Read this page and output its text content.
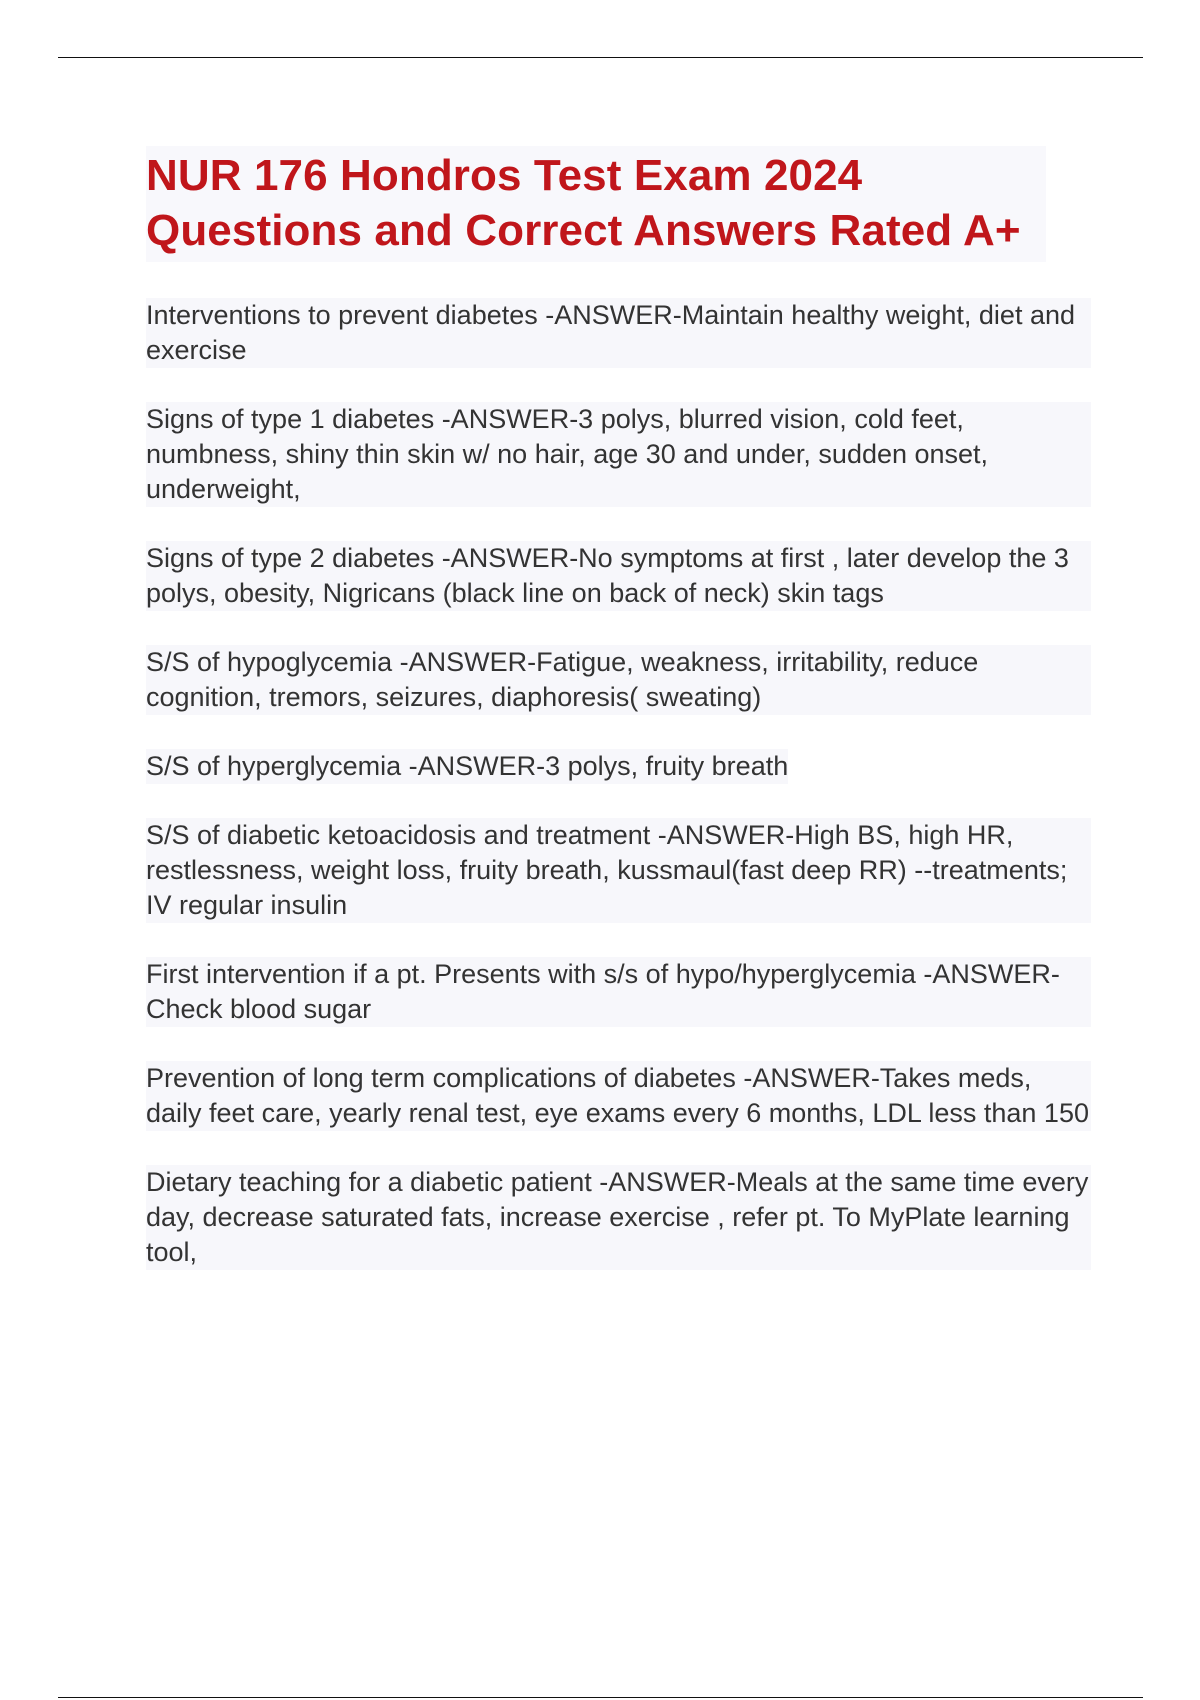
NUR 176 Hondros Test Exam 2024 Questions and Correct Answers Rated A+
Interventions to prevent diabetes -ANSWER-Maintain healthy weight, diet and exercise
Signs of type 1 diabetes -ANSWER-3 polys, blurred vision, cold feet, numbness, shiny thin skin w/ no hair, age 30 and under, sudden onset, underweight,
Signs of type 2 diabetes -ANSWER-No symptoms at first , later develop the 3 polys, obesity, Nigricans (black line on back of neck) skin tags
S/S of hypoglycemia -ANSWER-Fatigue, weakness, irritability, reduce cognition, tremors, seizures, diaphoresis( sweating)
S/S of hyperglycemia -ANSWER-3 polys, fruity breath
S/S of diabetic ketoacidosis and treatment -ANSWER-High BS, high HR, restlessness, weight loss, fruity breath, kussmaul(fast deep RR) --treatments; IV regular insulin
First intervention if a pt. Presents with s/s of hypo/hyperglycemia -ANSWER-Check blood sugar
Prevention of long term complications of diabetes -ANSWER-Takes meds, daily feet care, yearly renal test, eye exams every 6 months, LDL less than 150
Dietary teaching for a diabetic patient -ANSWER-Meals at the same time every day, decrease saturated fats, increase exercise , refer pt. To MyPlate learning tool,
